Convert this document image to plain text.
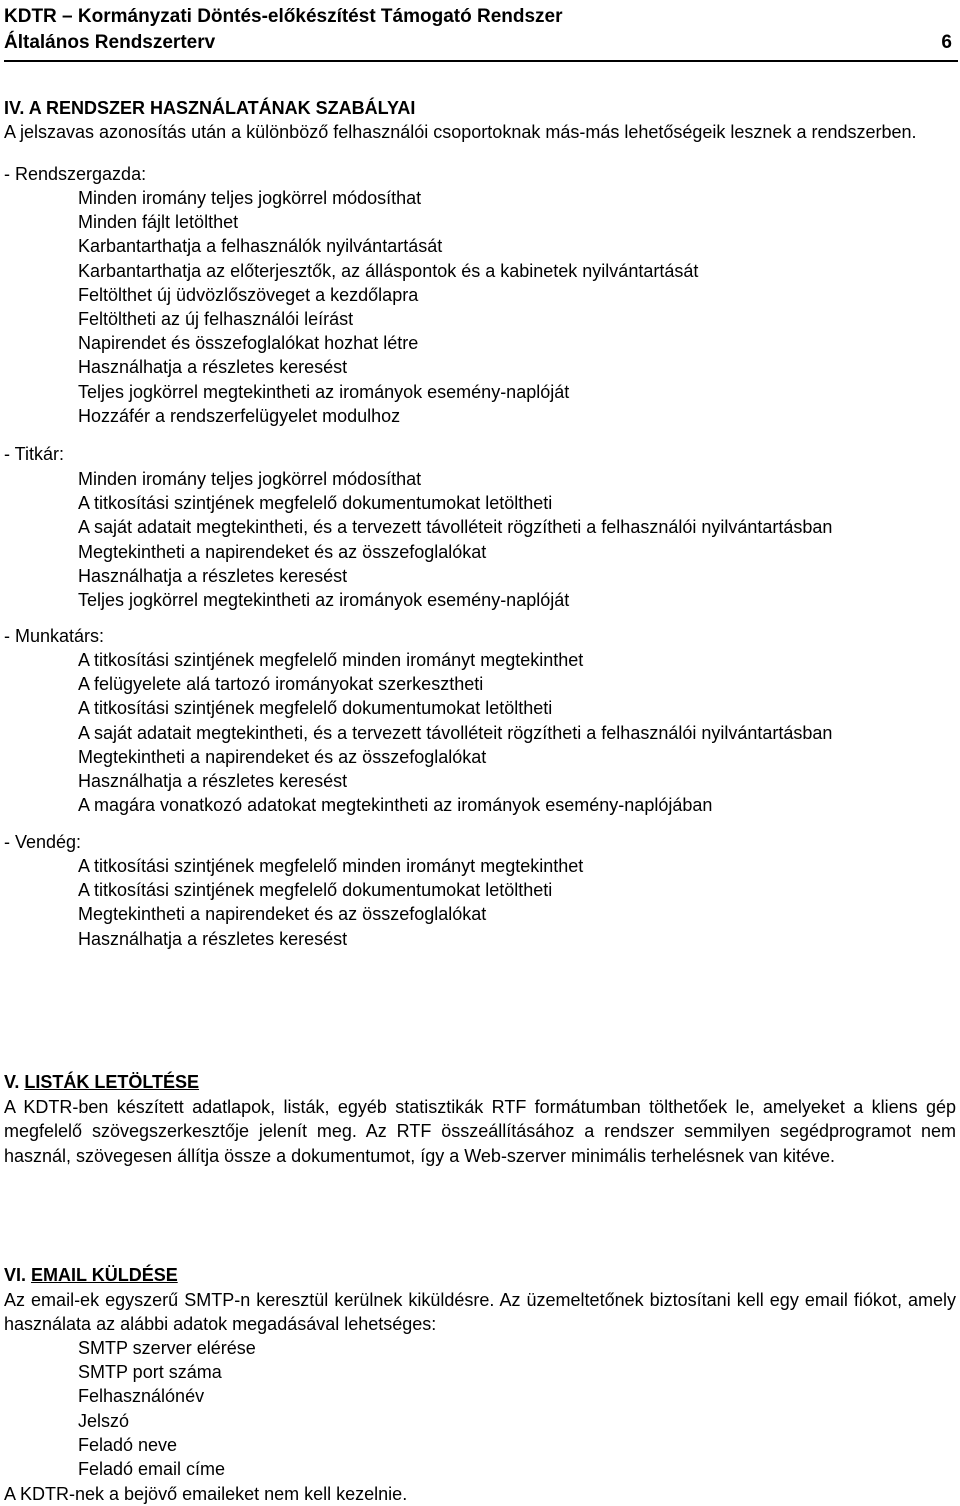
KDTR – Kormányzati Döntés-előkészítést Támogató Rendszer
Általános Rendszerterv	6
IV. A RENDSZER HASZNÁLATÁNAK SZABÁLYAI
A jelszavas azonosítás után a különböző felhasználói csoportoknak más-más lehetőségeik lesznek a rendszerben.
- Rendszergazda:
Minden iromány teljes jogkörrel módosíthat
Minden fájlt letölthet
Karbantarthatja a felhasználók nyilvántartását
Karbantarthatja az előterjesztők, az álláspontok és a kabinetek nyilvántartását
Feltölthet új üdvözlőszöveget a kezdőlapra
Feltöltheti az új felhasználói leírást
Napirendet és összefoglalókat hozhat létre
Használhatja a részletes keresést
Teljes jogkörrel megtekintheti az irományok esemény-naplóját
Hozzáfér a rendszerfelügyelet modulhoz
- Titkár:
Minden iromány teljes jogkörrel módosíthat
A titkosítási szintjének megfelelő dokumentumokat letöltheti
A saját adatait megtekintheti, és a tervezett távolléteit rögzítheti a felhasználói nyilvántartásban
Megtekintheti a napirendeket és az összefoglalókat
Használhatja a részletes keresést
Teljes jogkörrel megtekintheti az irományok esemény-naplóját
- Munkatárs:
A titkosítási szintjének megfelelő minden irományt megtekinthet
A felügyelete alá tartozó irományokat szerkesztheti
A titkosítási szintjének megfelelő dokumentumokat letöltheti
A saját adatait megtekintheti, és a tervezett távolléteit rögzítheti a felhasználói nyilvántartásban
Megtekintheti a napirendeket és az összefoglalókat
Használhatja a részletes keresést
A magára vonatkozó adatokat megtekintheti az irományok esemény-naplójában
- Vendég:
A titkosítási szintjének megfelelő minden irományt megtekinthet
A titkosítási szintjének megfelelő dokumentumokat letöltheti
Megtekintheti a napirendeket és az összefoglalókat
Használhatja a részletes keresést
V. LISTÁK LETÖLTÉSE
A KDTR-ben készített adatlapok, listák, egyéb statisztikák RTF formátumban tölthetőek le, amelyeket a kliens gép megfelelő szövegszerkesztője jelenít meg. Az RTF összeállításához a rendszer semmilyen segédprogramot nem használ, szövegesen állítja össze a dokumentumot, így a Web-szerver minimális terhelésnek van kitéve.
VI. EMAIL KÜLDÉSE
Az email-ek egyszerű SMTP-n keresztül kerülnek kiküldésre. Az üzemeltetőnek biztosítani kell egy email fiókot, amely használata az alábbi adatok megadásával lehetséges:
SMTP szerver elérése
SMTP port száma
Felhasználónév
Jelszó
Feladó neve
Feladó email címe
A KDTR-nek a bejövő emaileket nem kell kezelnie.
